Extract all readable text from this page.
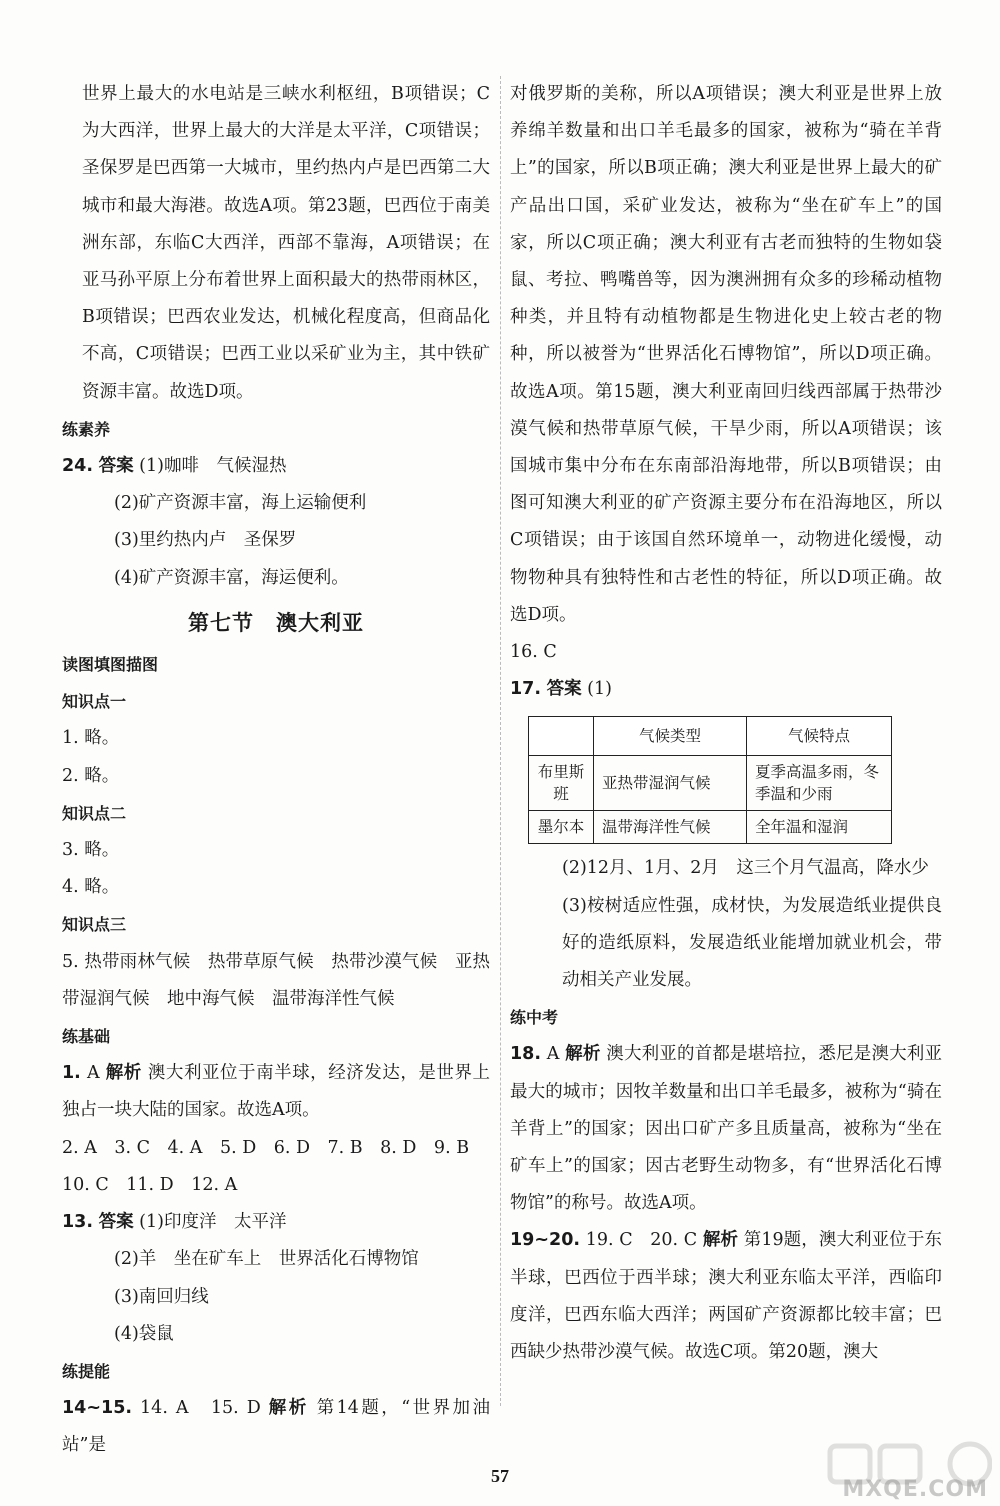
世界上最大的水电站是三峡水利枢纽，B项错误；C为大西洋，世界上最大的大洋是太平洋，C项错误；圣保罗是巴西第一大城市，里约热内卢是巴西第二大城市和最大海港。故选A项。第23题，巴西位于南美洲东部，东临C大西洋，西部不靠海，A项错误；在亚马孙平原上分布着世界上面积最大的热带雨林区，B项错误；巴西农业发达，机械化程度高，但商品化不高，C项错误；巴西工业以采矿业为主，其中铁矿资源丰富。故选D项。

练素养

24. 答案 (1)咖啡　气候湿热

(2)矿产资源丰富，海上运输便利

(3)里约热内卢　圣保罗

(4)矿产资源丰富，海运便利。

第七节　澳大利亚

读图填图描图

知识点一

1. 略。

2. 略。

知识点二

3. 略。

4. 略。

知识点三

5. 热带雨林气候　热带草原气候　热带沙漠气候　亚热带湿润气候　地中海气候　温带海洋性气候

练基础

1. A 解析 澳大利亚位于南半球，经济发达，是世界上独占一块大陆的国家。故选A项。

2. A　3. C　4. A　5. D　6. D　7. B　8. D　9. B

10. C　11. D　12. A

13. 答案 (1)印度洋　太平洋

(2)羊　坐在矿车上　世界活化石博物馆

(3)南回归线

(4)袋鼠

练提能

14~15. 14. A　15. D 解析 第14题，“世界加油站”是

对俄罗斯的美称，所以A项错误；澳大利亚是世界上放养绵羊数量和出口羊毛最多的国家，被称为“骑在羊背上”的国家，所以B项正确；澳大利亚是世界上最大的矿产品出口国，采矿业发达，被称为“坐在矿车上”的国家，所以C项正确；澳大利亚有古老而独特的生物如袋鼠、考拉、鸭嘴兽等，因为澳洲拥有众多的珍稀动植物种类，并且特有动植物都是生物进化史上较古老的物种，所以被誉为“世界活化石博物馆”，所以D项正确。故选A项。第15题，澳大利亚南回归线西部属于热带沙漠气候和热带草原气候，干旱少雨，所以A项错误；该国城市集中分布在东南部沿海地带，所以B项错误；由图可知澳大利亚的矿产资源主要分布在沿海地区，所以C项错误；由于该国自然环境单一，动物进化缓慢，动物物种具有独特性和古老性的特征，所以D项正确。故选D项。

16. C

17. 答案 (1)

	气候类型	气候特点
布里斯班	亚热带湿润气候	夏季高温多雨，冬季温和少雨
墨尔本	温带海洋性气候	全年温和湿润

(2)12月、1月、2月　这三个月气温高，降水少

(3)桉树适应性强，成材快，为发展造纸业提供良好的造纸原料，发展造纸业能增加就业机会，带动相关产业发展。

练中考

18. A 解析 澳大利亚的首都是堪培拉，悉尼是澳大利亚最大的城市；因牧羊数量和出口羊毛最多，被称为“骑在羊背上”的国家；因出口矿产多且质量高，被称为“坐在矿车上”的国家；因古老野生动物多，有“世界活化石博物馆”的称号。故选A项。

19~20. 19. C　20. C 解析 第19题，澳大利亚位于东半球，巴西位于西半球；澳大利亚东临太平洋，西临印度洋，巴西东临大西洋；两国矿产资源都比较丰富；巴西缺少热带沙漠气候。故选C项。第20题，澳大

57
MXQE.COM
